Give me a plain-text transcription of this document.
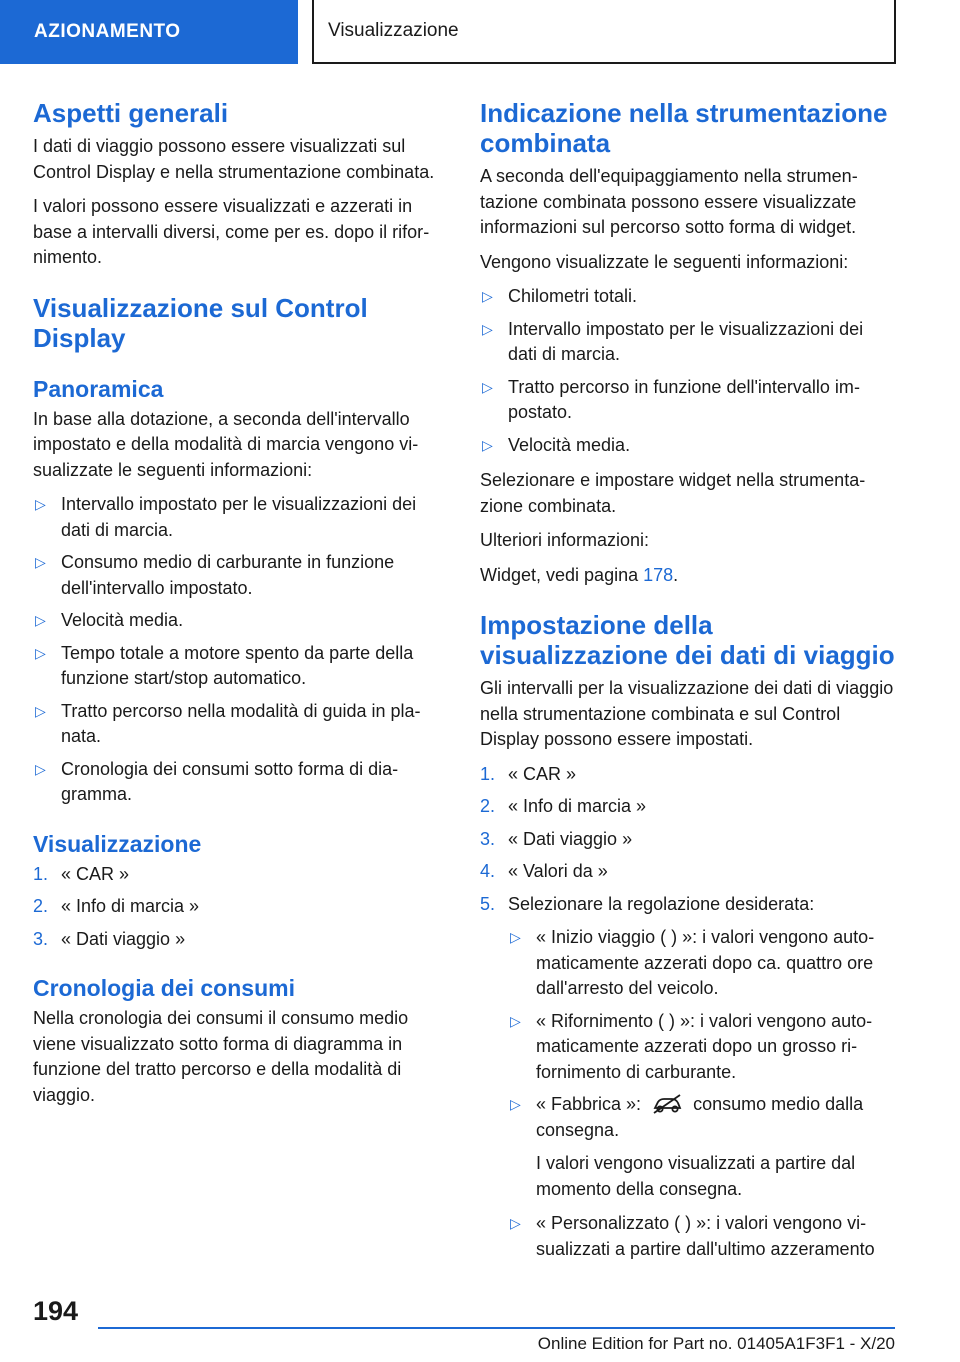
AZIONAMENTO	Visualizzazione
Aspetti generali

I dati di viaggio possono essere visualizzati sul Control Display e nella strumentazione combinata.

I valori possono essere visualizzati e azzerati in base a intervalli diversi, come per es. dopo il rifornimento.

Visualizzazione sul Control Display
Panoramica

In base alla dotazione, a seconda dell'intervallo impostato e della modalità di marcia vengono visualizzate le seguenti informazioni:

▷ Intervallo impostato per le visualizzazioni dei dati di marcia.
▷ Consumo medio di carburante in funzione dell'intervallo impostato.
▷ Velocità media.
▷ Tempo totale a motore spento da parte della funzione start/stop automatico.
▷ Tratto percorso nella modalità di guida in planata.
▷ Cronologia dei consumi sotto forma di diagramma.
Visualizzazione
1. « CAR »
2. « Info di marcia »
3. « Dati viaggio »
Cronologia dei consumi

Nella cronologia dei consumi il consumo medio viene visualizzato sotto forma di diagramma in funzione del tratto percorso e della modalità di viaggio.

Indicazione nella strumentazione combinata

A seconda dell'equipaggiamento nella strumentazione combinata possono essere visualizzate informazioni sul percorso sotto forma di widget.

Vengono visualizzate le seguenti informazioni:

▷ Chilometri totali.
▷ Intervallo impostato per le visualizzazioni dei dati di marcia.
▷ Tratto percorso in funzione dell'intervallo impostato.
▷ Velocità media.

Selezionare e impostare widget nella strumentazione combinata.

Ulteriori informazioni:

Widget, vedi pagina 178.

Impostazione della visualizzazione dei dati di viaggio

Gli intervalli per la visualizzazione dei dati di viaggio nella strumentazione combinata e sul Control Display possono essere impostati.

1. « CAR »
2. « Info di marcia »
3. « Dati viaggio »
4. « Valori da »
5. Selezionare la regolazione desiderata:
▷ « Inizio viaggio ( ) »: i valori vengono automaticamente azzerati dopo ca. quattro ore dall'arresto del veicolo.
▷ « Rifornimento ( ) »: i valori vengono automaticamente azzerati dopo un grosso rifornimento di carburante.
▷ « Fabbrica »:  consumo medio dalla consegna.

I valori vengono visualizzati a partire dal momento della consegna.

▷ « Personalizzato ( ) »: i valori vengono visualizzati a partire dall'ultimo azzeramento
194
Online Edition for Part no. 01405A1F3F1 - X/20
